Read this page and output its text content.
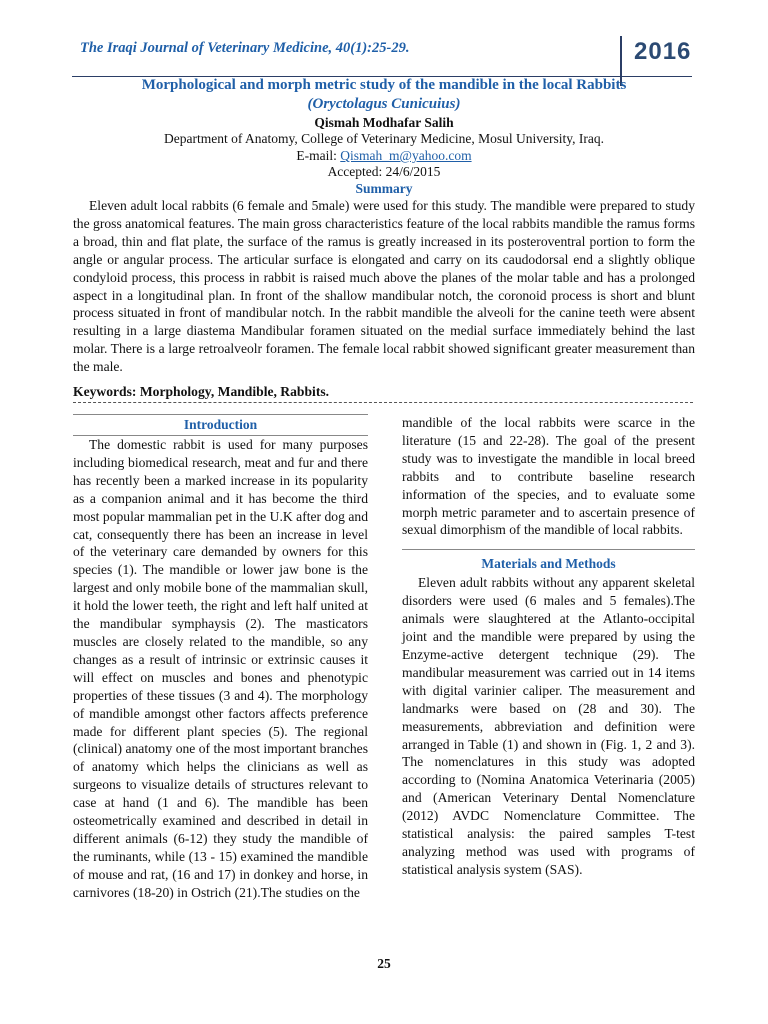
The Iraqi Journal of Veterinary Medicine, 40(1):25-29.	2016
Morphological and morph metric study of the mandible in the local Rabbits
(Oryctolagus Cunicuius)
Qismah Modhafar Salih
Department of Anatomy, College of Veterinary Medicine, Mosul University, Iraq.
E-mail: Qismah_m@yahoo.com
Accepted: 24/6/2015
Summary
Eleven adult local rabbits (6 female and 5male) were used for this study. The mandible were prepared to study the gross anatomical features. The main gross characteristics feature of the local rabbits mandible the ramus forms a broad, thin and flat plate, the surface of the ramus is greatly increased in its posteroventral portion to form the angle or angular process. The articular surface is elongated and carry on its caudodorsal end a slightly oblique condyloid process, this process in rabbit is raised much above the planes of the molar table and has a prolonged aspect in a longitudinal plan. In front of the shallow mandibular notch, the coronoid process is short and blunt process situated in front of mandibular notch. In the rabbit mandible the alveoli for the canine teeth were absent resulting in a large diastema Mandibular foramen situated on the medial surface immediately behind the last molar. There is a large retroalveolr foramen. The female local rabbit showed significant greater measurement than the male.
Keywords: Morphology, Mandible, Rabbits.
Introduction
The domestic rabbit is used for many purposes including biomedical research, meat and fur and there has recently been a marked increase in its popularity as a companion animal and it has become the third most popular mammalian pet in the U.K after dog and cat, consequently there has been an increase in level of the veterinary care demanded by owners for this species (1). The mandible or lower jaw bone is the largest and only mobile bone of the mammalian skull, it hold the lower teeth, the right and left half united at the mandibular symphaysis (2). The masticators muscles are closely related to the mandible, so any changes as a result of intrinsic or extrinsic causes it will effect on muscles and bones and phenotypic properties of these tissues (3 and 4). The morphology of mandible amongst other factors affects preference made for different plant species (5). The regional (clinical) anatomy one of the most important branches of anatomy which helps the clinicians as well as surgeons to visualize details of structures relevant to case at hand (1 and 6). The mandible has been osteometrically examined and described in detail in different animals (6-12) they study the mandible of the ruminants, while (13 - 15) examined the mandible of mouse and rat, (16 and 17) in donkey and horse, in carnivores (18-20) in Ostrich (21).The studies on the
mandible of the local rabbits were scarce in the literature (15 and 22-28). The goal of the present study was to investigate the mandible in local breed rabbits and to contribute baseline research information of the species, and to evaluate some morph metric parameter and to ascertain presence of sexual dimorphism of the mandible of local rabbits.
Materials and Methods
Eleven adult rabbits without any apparent skeletal disorders were used (6 males and 5 females).The animals were slaughtered at the Atlanto-occipital joint and the mandible were prepared by using the Enzyme-active detergent technique (29). The mandibular measurement was carried out in 14 items with digital varinier caliper. The measurement and landmarks were based on (28 and 30). The measurements, abbreviation and definition were arranged in Table (1) and shown in (Fig. 1, 2 and 3). The nomenclatures in this study was adopted according to (Nomina Anatomica Veterinaria (2005) and (American Veterinary Dental Nomenclature (2012) AVDC Nomenclature Committee. The statistical analysis: the paired samples T-test analyzing method was used with programs of statistical analysis system (SAS).
25
